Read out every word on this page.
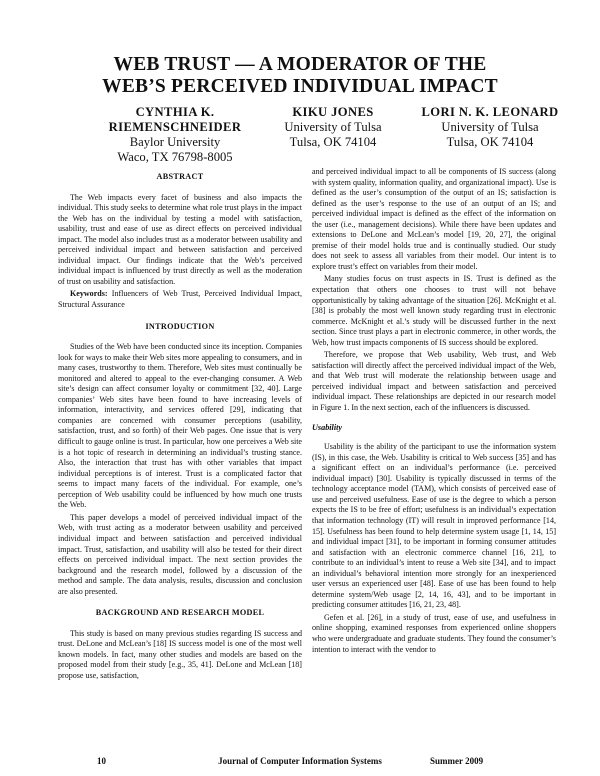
WEB TRUST — A MODERATOR OF THE
WEB’S PERCEIVED INDIVIDUAL IMPACT
CYNTHIA K. RIEMENSCHNEIDER
Baylor University
Waco, TX 76798-8005
KIKU JONES
University of Tulsa
Tulsa, OK 74104
LORI N. K. LEONARD
University of Tulsa
Tulsa, OK 74104
ABSTRACT

The Web impacts every facet of business and also impacts the individual. This study seeks to determine what role trust plays in the impact the Web has on the individual by testing a model with satisfaction, usability, trust and ease of use as direct effects on perceived individual impact. The model also includes trust as a moderator between usability and perceived individual impact and between satisfaction and perceived individual impact. Our findings indicate that the Web’s perceived individual impact is influenced by trust directly as well as the moderation of trust on usability and satisfaction.

Keywords: Influencers of Web Trust, Perceived Individual Impact, Structural Assurance

INTRODUCTION

Studies of the Web have been conducted since its inception. Companies look for ways to make their Web sites more appealing to consumers, and in many cases, trustworthy to them. Therefore, Web sites must continually be monitored and altered to appeal to the ever-changing consumer. A Web site’s design can affect consumer loyalty or commitment [32, 40]. Large companies’ Web sites have been found to have increasing levels of information, interactivity, and services offered [29], indicating that companies are concerned with consumer perceptions (usability, satisfaction, trust, and so forth) of their Web pages. One issue that is very difficult to gauge online is trust. In particular, how one perceives a Web site is a hot topic of research in determining an individual’s trusting stance. Also, the interaction that trust has with other variables that impact individual perceptions is of interest. Trust is a complicated factor that seems to impact many facets of the individual. For example, one’s perception of Web usability could be influenced by how much one trusts the Web.

This paper develops a model of perceived individual impact of the Web, with trust acting as a moderator between usability and perceived individual impact and between satisfaction and perceived individual impact. Trust, satisfaction, and usability will also be tested for their direct effects on perceived individual impact. The next section provides the background and the research model, followed by a discussion of the method and sample. The data analysis, results, discussion and conclusion are also presented.

BACKGROUND AND RESEARCH MODEL

This study is based on many previous studies regarding IS success and trust. DeLone and McLean’s [18] IS success model is one of the most well known models. In fact, many other studies and models are based on the proposed model from their study [e.g., 35, 41]. DeLone and McLean [18] propose use, satisfaction,

and perceived individual impact to all be components of IS success (along with system quality, information quality, and organizational impact). Use is defined as the user’s consumption of the output of an IS; satisfaction is defined as the user’s response to the use of an output of an IS; and perceived individual impact is defined as the effect of the information on the user (i.e., management decisions). While there have been updates and extensions to DeLone and McLean’s model [19, 20, 27], the original premise of their model holds true and is continually studied. Our study does not seek to assess all variables from their model. Our intent is to explore trust’s effect on variables from their model.

Many studies focus on trust aspects in IS. Trust is defined as the expectation that others one chooses to trust will not behave opportunistically by taking advantage of the situation [26]. McKnight et al. [38] is probably the most well known study regarding trust in electronic commerce. McKnight et al.’s study will be discussed further in the next section. Since trust plays a part in electronic commerce, in other words, the Web, how trust impacts components of IS success should be explored.

Therefore, we propose that Web usability, Web trust, and Web satisfaction will directly affect the perceived individual impact of the Web, and that Web trust will moderate the relationship between usage and perceived individual impact and between satisfaction and perceived individual impact. These relationships are depicted in our research model in Figure 1. In the next section, each of the influencers is discussed.

Usability

Usability is the ability of the participant to use the information system (IS), in this case, the Web. Usability is critical to Web success [35] and has a significant effect on an individual’s performance (i.e. perceived individual impact) [30]. Usability is typically discussed in terms of the technology acceptance model (TAM), which consists of perceived ease of use and perceived usefulness. Ease of use is the degree to which a person expects the IS to be free of effort; usefulness is an individual’s expectation that information technology (IT) will result in improved performance [14, 15]. Usefulness has been found to help determine system usage [1, 14, 15] and individual impact [31], to be important in forming consumer attitudes and satisfaction with an electronic commerce channel [16, 21], to contribute to an individual’s intent to reuse a Web site [34], and to impact an individual’s behavioral intention more strongly for an inexperienced user versus an experienced user [48]. Ease of use has been found to help determine system/Web usage [2, 14, 16, 43], and to be important in predicting consumer attitudes [16, 21, 23, 48].

Gefen et al. [26], in a study of trust, ease of use, and usefulness in online shopping, examined responses from experienced online shoppers who were undergraduate and graduate students. They found the consumer’s intention to interact with the vendor to

10	Journal of Computer Information Systems	Summer 2009
